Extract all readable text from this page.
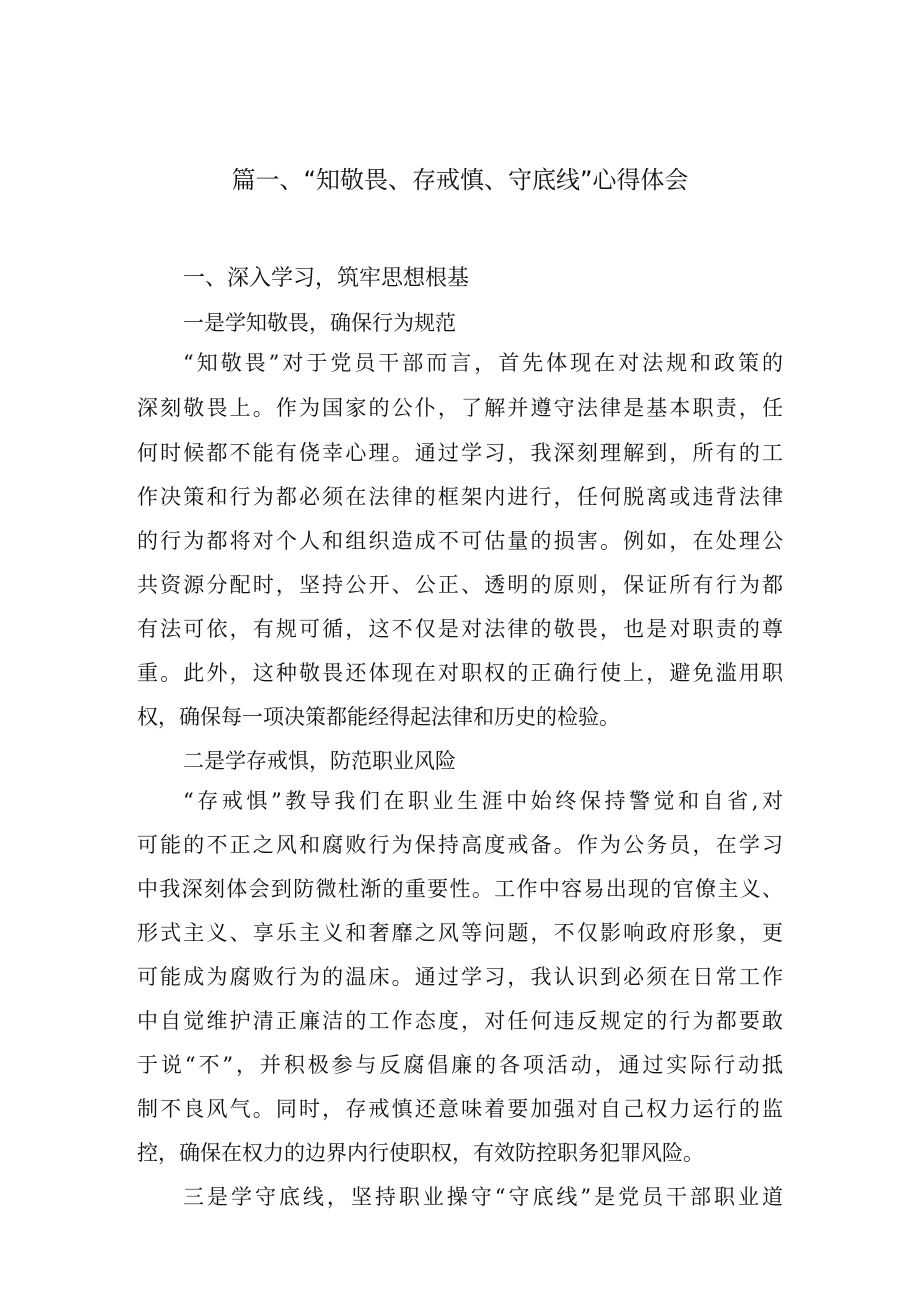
篇一、“知敬畏、存戒慎、守底线”心得体会
一、深入学习，筑牢思想根基
一是学知敬畏，确保行为规范
“知敬畏”对于党员干部而言，首先体现在对法规和政策的
深刻敬畏上。作为国家的公仆，了解并遵守法律是基本职责，任
何时候都不能有侥幸心理。通过学习，我深刻理解到，所有的工
作决策和行为都必须在法律的框架内进行，任何脱离或违背法律
的行为都将对个人和组织造成不可估量的损害。例如，在处理公
共资源分配时，坚持公开、公正、透明的原则，保证所有行为都
有法可依，有规可循，这不仅是对法律的敬畏，也是对职责的尊
重。此外，这种敬畏还体现在对职权的正确行使上，避免滥用职
权，确保每一项决策都能经得起法律和历史的检验。
二是学存戒惧，防范职业风险
“存戒惧”教导我们在职业生涯中始终保持警觉和自省,对
可能的不正之风和腐败行为保持高度戒备。作为公务员，在学习
中我深刻体会到防微杜渐的重要性。工作中容易出现的官僚主义、
形式主义、享乐主义和奢靡之风等问题，不仅影响政府形象，更
可能成为腐败行为的温床。通过学习，我认识到必须在日常工作
中自觉维护清正廉洁的工作态度，对任何违反规定的行为都要敢
于说“不”，并积极参与反腐倡廉的各项活动，通过实际行动抵
制不良风气。同时，存戒慎还意味着要加强对自己权力运行的监
控，确保在权力的边界内行使职权，有效防控职务犯罪风险。
三是学守底线，坚持职业操守“守底线”是党员干部职业道
